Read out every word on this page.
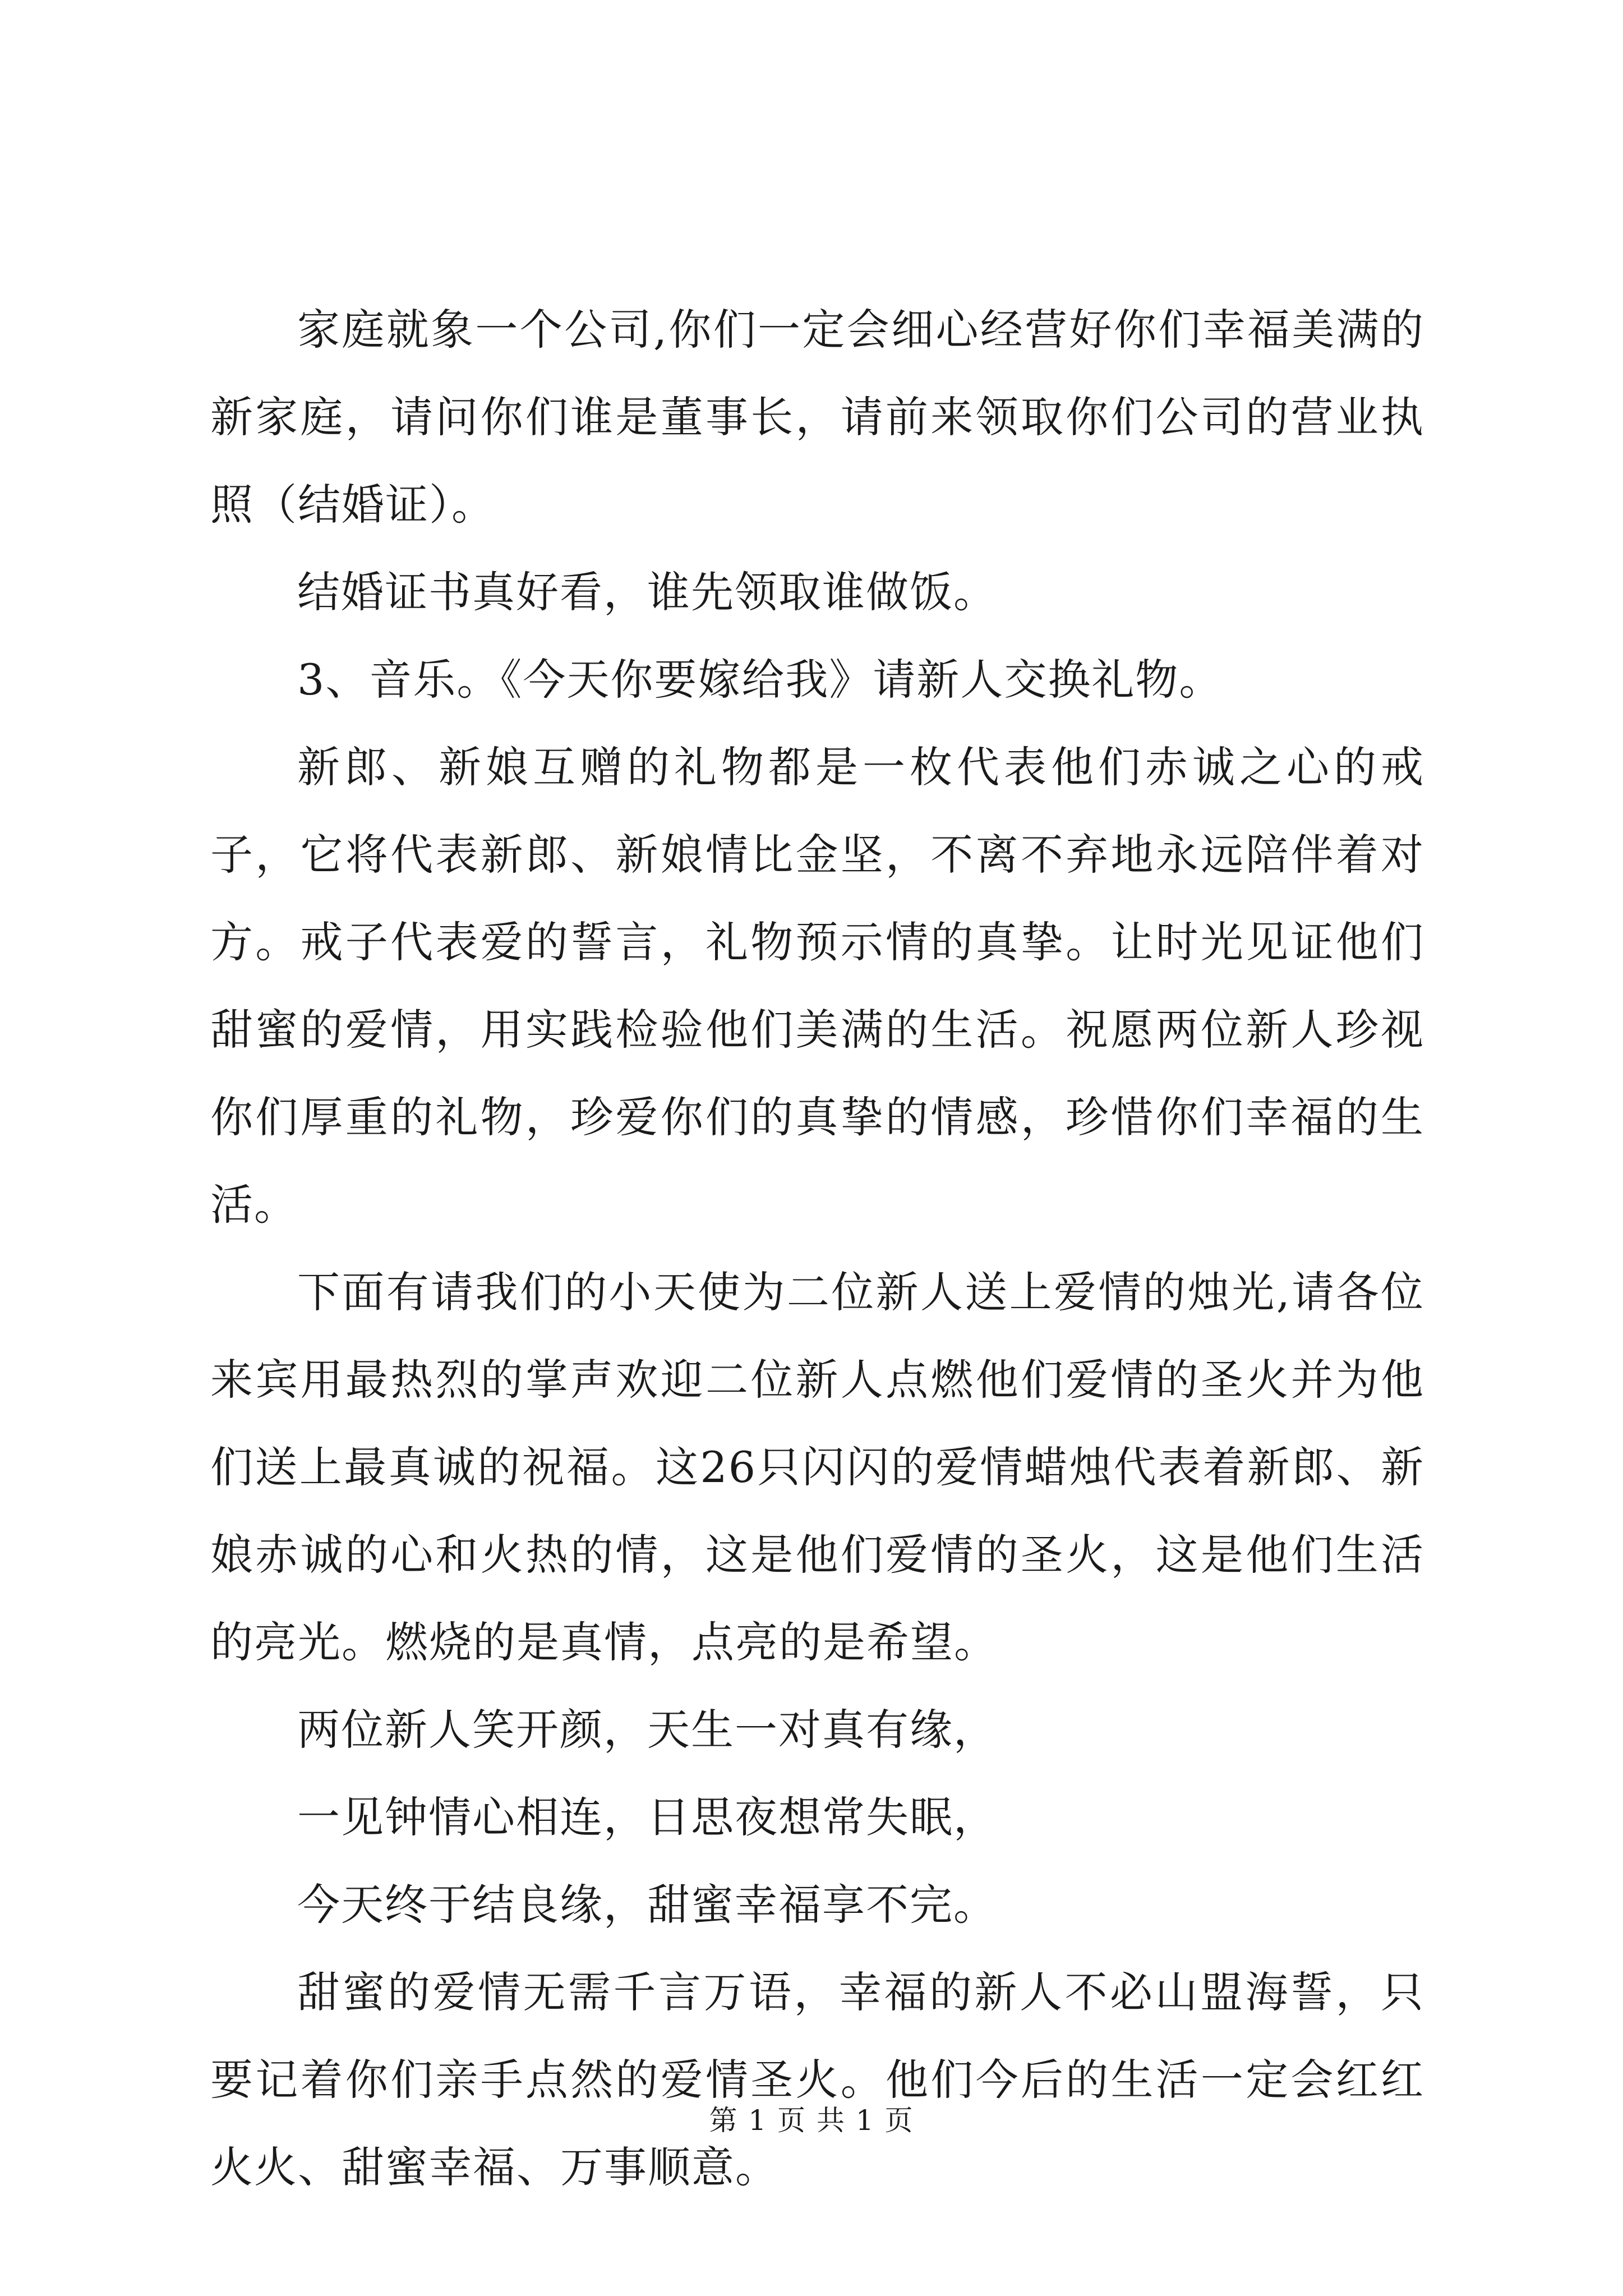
家庭就象一个公司,你们一定会细心经营好你们幸福美满的新家庭，请问你们谁是董事长，请前来领取你们公司的营业执照（结婚证）。

结婚证书真好看，谁先领取谁做饭。

3、音乐。《今天你要嫁给我》请新人交换礼物。

新郎、新娘互赠的礼物都是一枚代表他们赤诚之心的戒子，它将代表新郎、新娘情比金坚，不离不弃地永远陪伴着对方。戒子代表爱的誓言，礼物预示情的真挚。让时光见证他们甜蜜的爱情，用实践检验他们美满的生活。祝愿两位新人珍视你们厚重的礼物，珍爱你们的真挚的情感，珍惜你们幸福的生活。

下面有请我们的小天使为二位新人送上爱情的烛光,请各位来宾用最热烈的掌声欢迎二位新人点燃他们爱情的圣火并为他们送上最真诚的祝福。这26只闪闪的爱情蜡烛代表着新郎、新娘赤诚的心和火热的情，这是他们爱情的圣火，这是他们生活的亮光。燃烧的是真情，点亮的是希望。

两位新人笑开颜，天生一对真有缘，

一见钟情心相连，日思夜想常失眠，

今天终于结良缘，甜蜜幸福享不完。

甜蜜的爱情无需千言万语，幸福的新人不必山盟海誓，只要记着你们亲手点然的爱情圣火。他们今后的生活一定会红红火火、甜蜜幸福、万事顺意。

第 1 页 共 1 页
